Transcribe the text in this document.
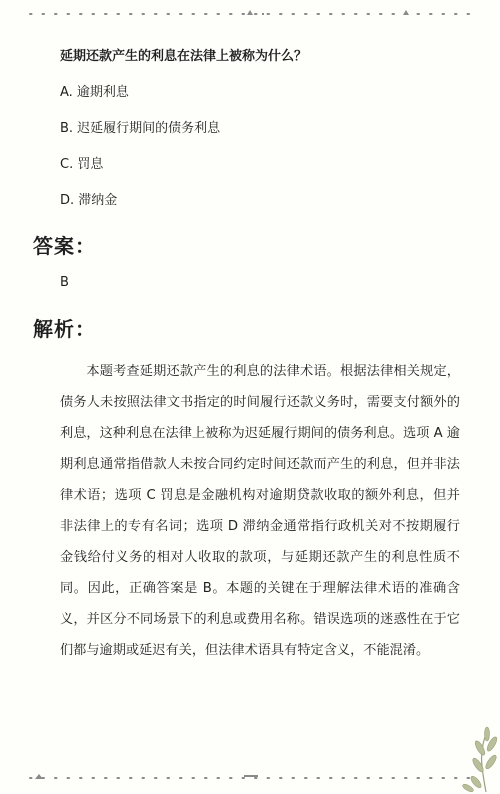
延期还款产生的利息在法律上被称为什么？
A. 逾期利息
B. 迟延履行期间的债务利息
C. 罚息
D. 滞纳金
答案：
B
解析：

本题考查延期还款产生的利息的法律术语。根据法律相关规定，债务人未按照法律文书指定的时间履行还款义务时，需要支付额外的利息，这种利息在法律上被称为迟延履行期间的债务利息。选项 A 逾期利息通常指借款人未按合同约定时间还款而产生的利息，但并非法律术语；选项 C 罚息是金融机构对逾期贷款收取的额外利息，但并非法律上的专有名词；选项 D 滞纳金通常指行政机关对不按期履行金钱给付义务的相对人收取的款项，与延期还款产生的利息性质不同。因此，正确答案是 B。本题的关键在于理解法律术语的准确含义，并区分不同场景下的利息或费用名称。错误选项的迷惑性在于它们都与逾期或延迟有关，但法律术语具有特定含义，不能混淆。
